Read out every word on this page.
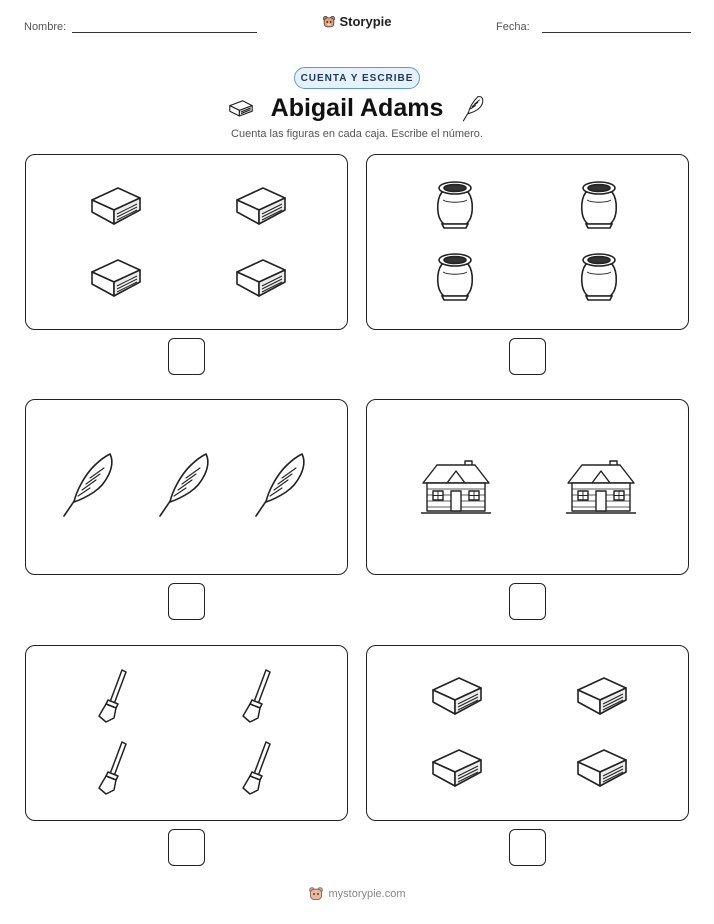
Nombre:	Storypie	Fecha:
CUENTA Y ESCRIBE
Abigail Adams
Cuenta las figuras en cada caja. Escribe el número.
mystorypie.com
